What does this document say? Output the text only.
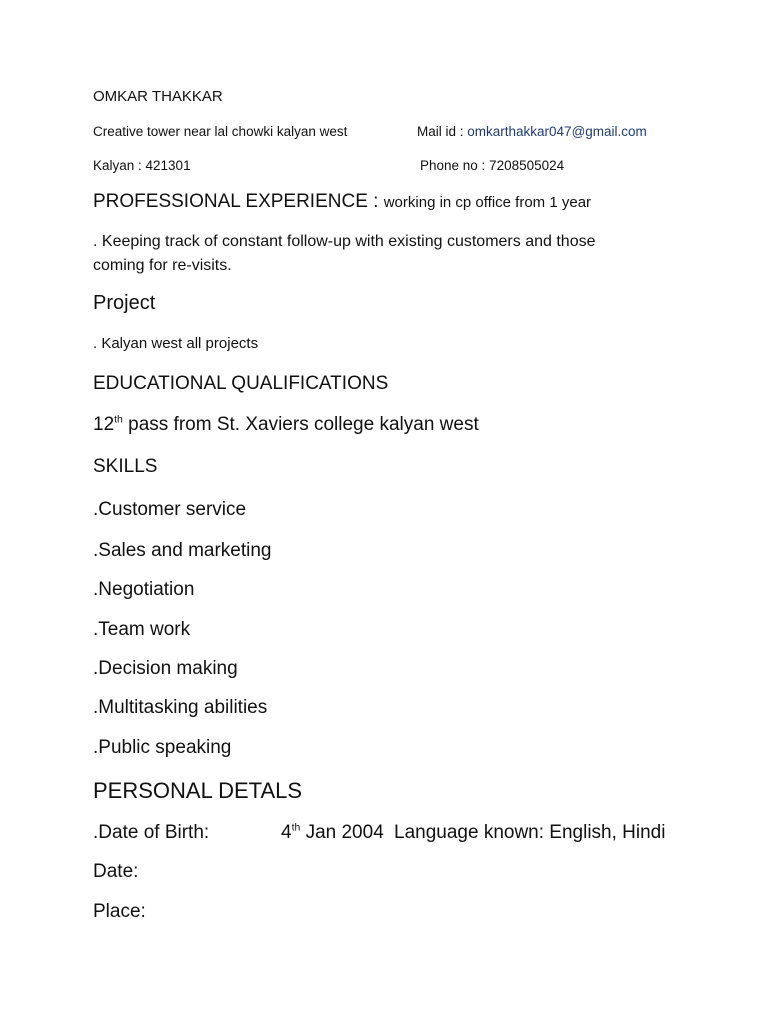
OMKAR THAKKAR
Creative tower near lal chowki kalyan west	Mail id : omkarthakkar047@gmail.com
Kalyan : 421301	Phone no : 7208505024
PROFESSIONAL EXPERIENCE : working in cp office from 1 year
. Keeping track of constant follow-up with existing customers and those coming for re-visits.
Project
. Kalyan west all projects
EDUCATIONAL QUALIFICATIONS
12th pass from St. Xaviers college kalyan west
SKILLS
.Customer service
.Sales and marketing
.Negotiation
.Team work
.Decision making
.Multitasking abilities
.Public speaking
PERSONAL DETALS
.Date of Birth:	4th Jan 2004 Language known: English, Hindi
Date:
Place:
